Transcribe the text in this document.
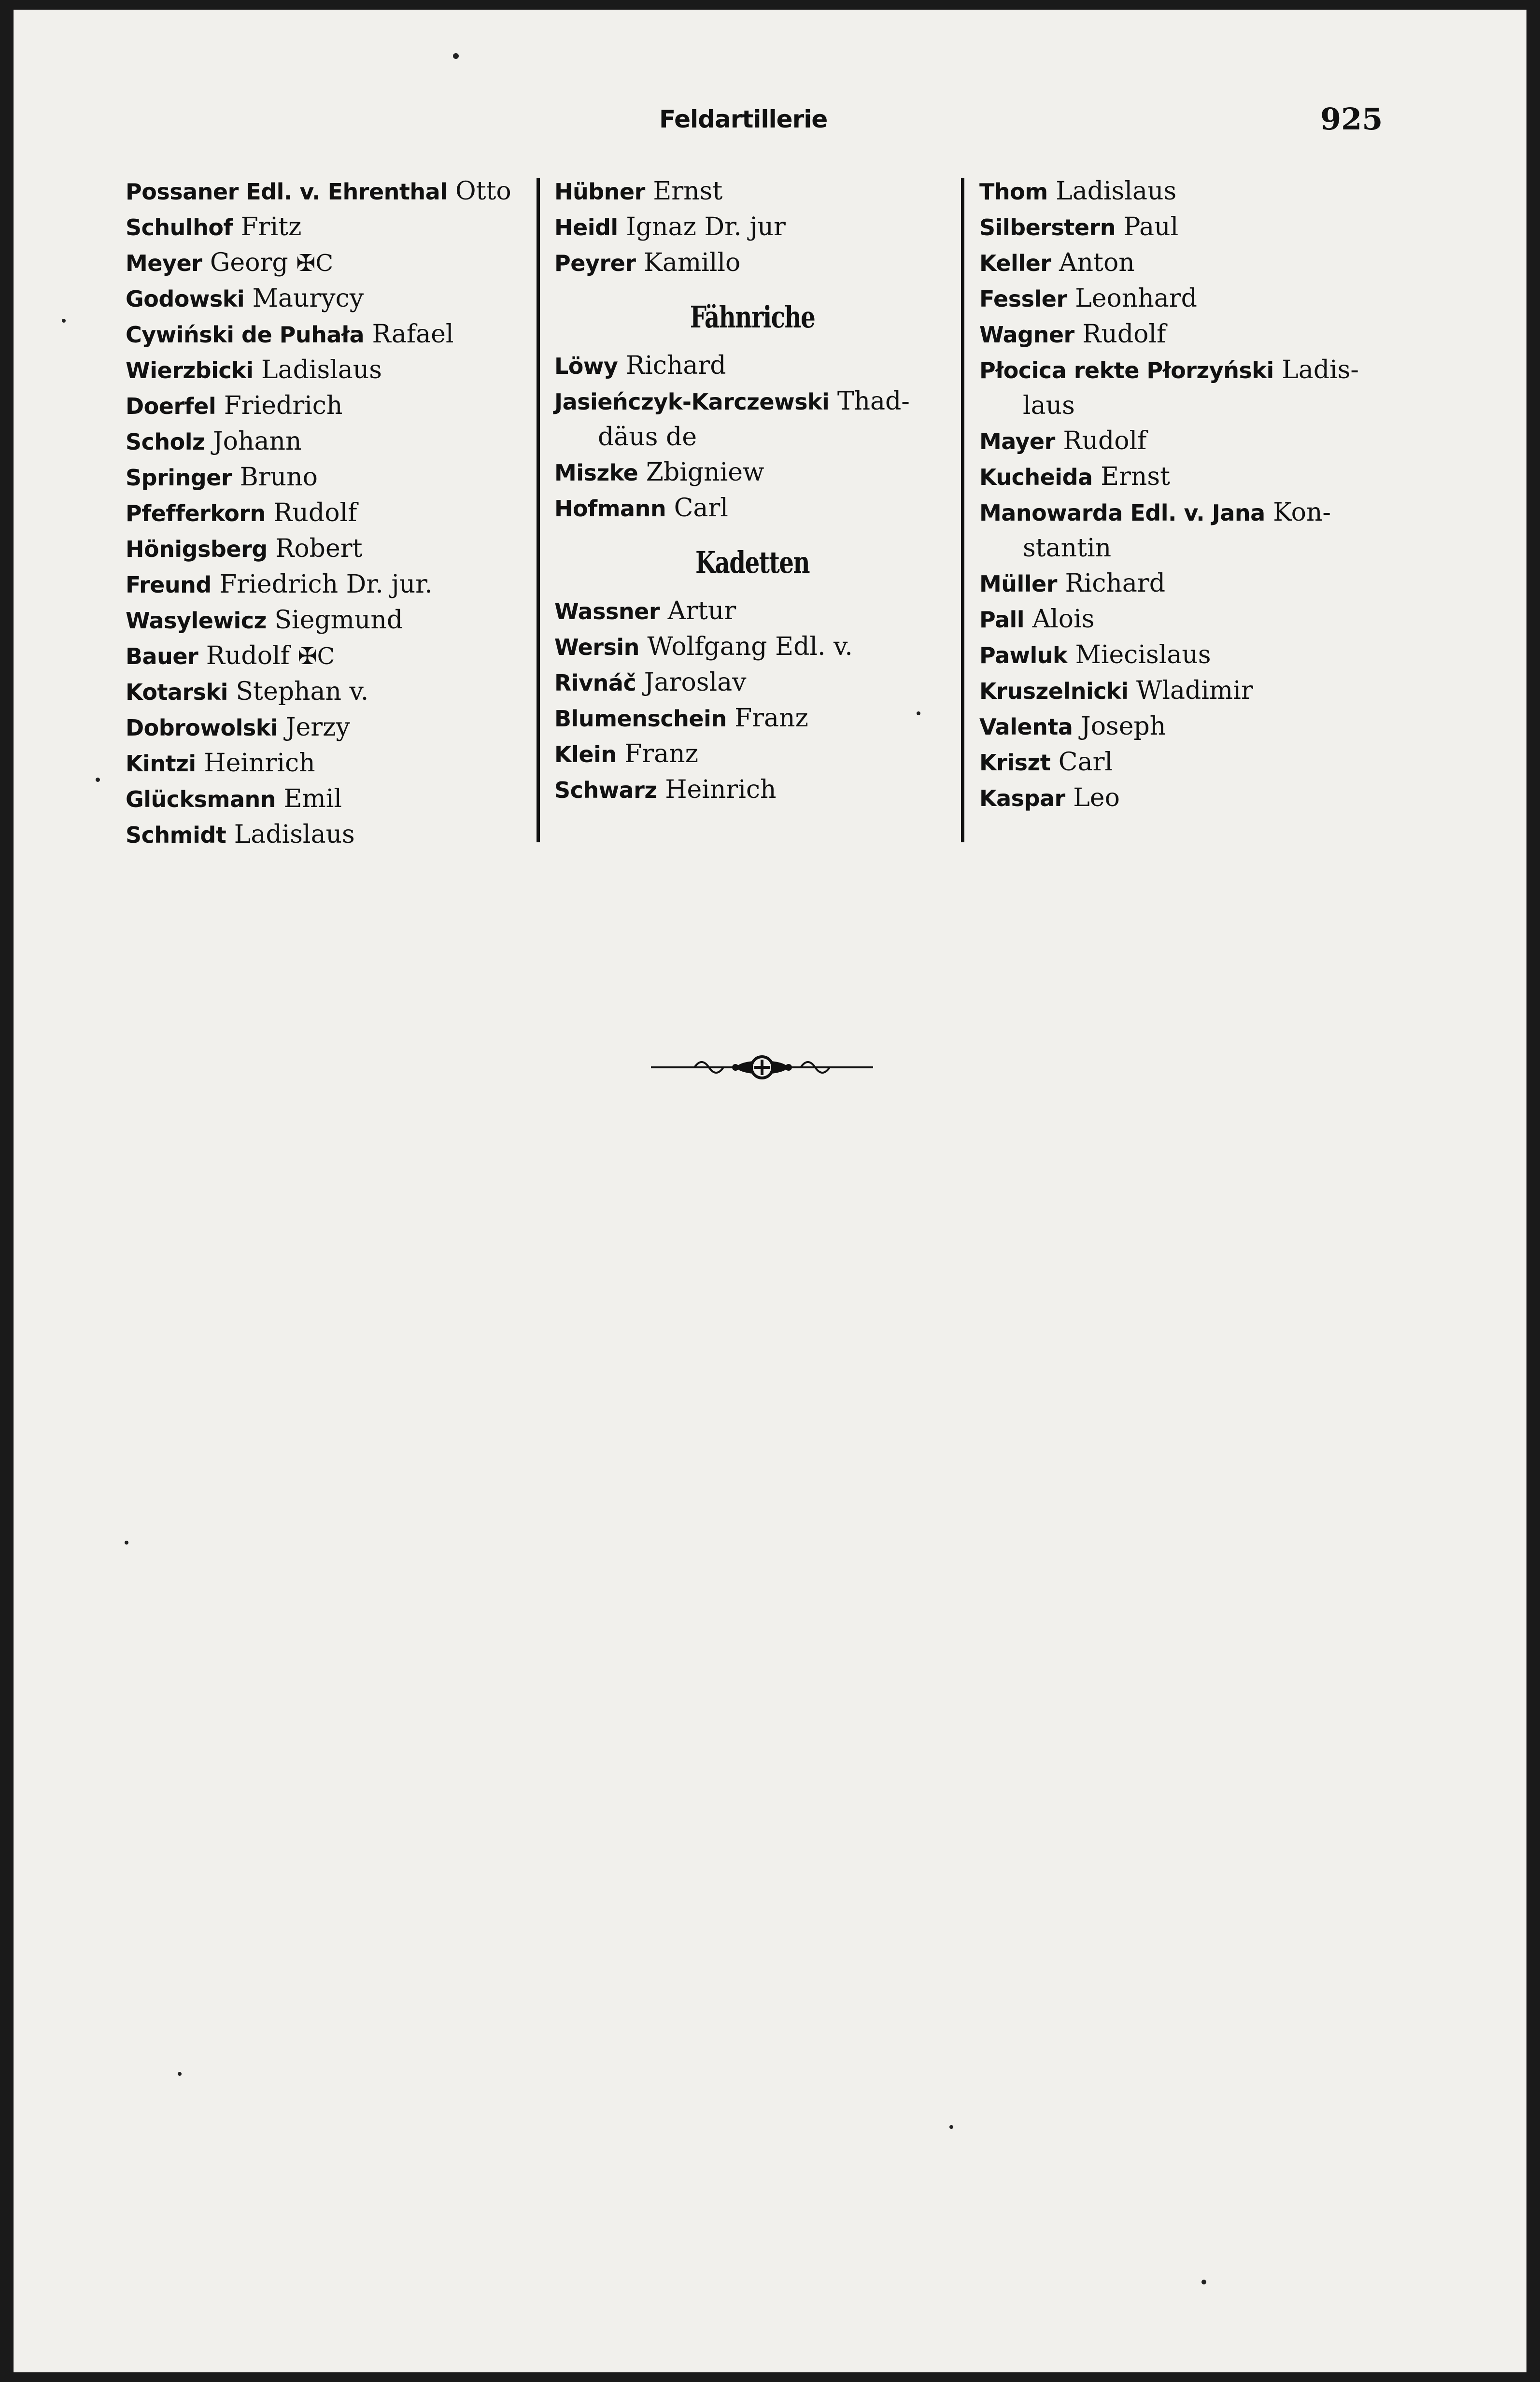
Feldartillerie	925
Possaner Edl. v. Ehrenthal Otto
Schulhof Fritz
Meyer Georg ✠C
Godowski Maurycy
Cywiński de Puhała Rafael
Wierzbicki Ladislaus
Doerfel Friedrich
Scholz Johann
Springer Bruno
Pfefferkorn Rudolf
Hönigsberg Robert
Freund Friedrich Dr. jur.
Wasylewicz Siegmund
Bauer Rudolf ✠C
Kotarski Stephan v.
Dobrowolski Jerzy
Kintzi Heinrich
Glücksmann Emil
Schmidt Ladislaus
Hübner Ernst
Heidl Ignaz Dr. jur
Peyrer Kamillo
Fähnriche
Löwy Richard
Jasieńczyk-Karczewski Thad-
däus de
Miszke Zbigniew
Hofmann Carl
Kadetten
Wassner Artur
Wersin Wolfgang Edl. v.
Rivnáč Jaroslav
Blumenschein Franz
Klein Franz
Schwarz Heinrich
Thom Ladislaus
Silberstern Paul
Keller Anton
Fessler Leonhard
Wagner Rudolf
Płocica rekte Płorzyński Ladis-
laus
Mayer Rudolf
Kucheida Ernst
Manowarda Edl. v. Jana Kon-
stantin
Müller Richard
Pall Alois
Pawluk Miecislaus
Kruszelnicki Wladimir
Valenta Joseph
Kriszt Carl
Kaspar Leo
